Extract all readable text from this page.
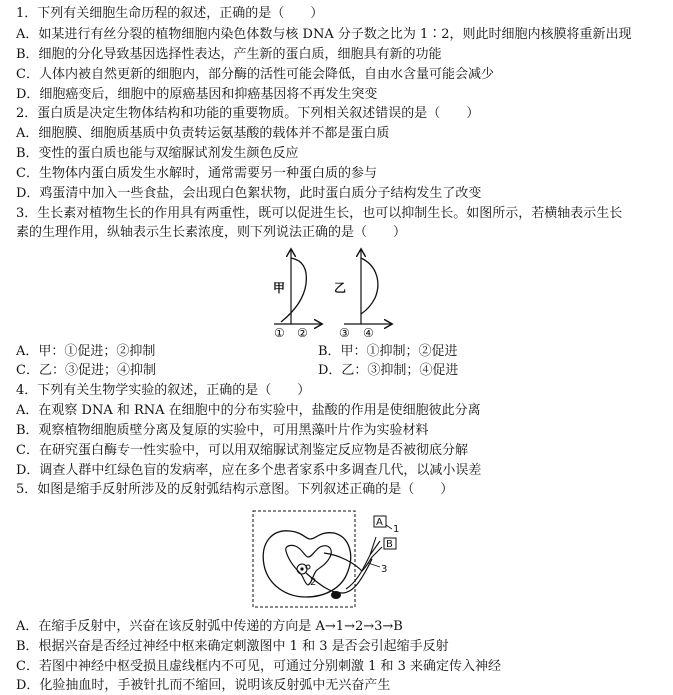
1．下列有关细胞生命历程的叙述，正确的是（　　）
A．如某进行有丝分裂的植物细胞内染色体数与核 DNA 分子数之比为 1∶2，则此时细胞内核膜将重新出现
B．细胞的分化导致基因选择性表达，产生新的蛋白质，细胞具有新的功能
C．人体内被自然更新的细胞内，部分酶的活性可能会降低，自由水含量可能会减少
D．细胞癌变后，细胞中的原癌基因和抑癌基因将不再发生突变
2．蛋白质是决定生物体结构和功能的重要物质。下列相关叙述错误的是（　　）
A．细胞膜、细胞质基质中负责转运氨基酸的载体并不都是蛋白质
B．变性的蛋白质也能与双缩脲试剂发生颜色反应
C．生物体内蛋白质发生水解时，通常需要另一种蛋白质的参与
D．鸡蛋清中加入一些食盐，会出现白色絮状物，此时蛋白质分子结构发生了改变
3．生长素对植物生长的作用具有两重性，既可以促进生长，也可以抑制生长。如图所示，若横轴表示生长
素的生理作用，纵轴表示生长素浓度，则下列说法正确的是（　　）
甲
① ②
乙
③ ④
A．甲：①促进；②抑制	B．甲：①抑制；②促进
C．乙：③促进；④抑制	D．乙：③抑制；④促进
4．下列有关生物学实验的叙述，正确的是（　　）
A．在观察 DNA 和 RNA 在细胞中的分布实验中，盐酸的作用是使细胞彼此分离
B．观察植物细胞质壁分离及复原的实验中，可用黑藻叶片作为实验材料
C．在研究蛋白酶专一性实验中，可以用双缩脲试剂鉴定反应物是否被彻底分解
D．调查人群中红绿色盲的发病率，应在多个患者家系中多调查几代，以减小误差
5．如图是缩手反射所涉及的反射弧结构示意图。下列叙述正确的是（　　）
A
B
1
3
2
A．在缩手反射中，兴奋在该反射弧中传递的方向是 A→1→2→3→B
B．根据兴奋是否经过神经中枢来确定刺激图中 1 和 3 是否会引起缩手反射
C．若图中神经中枢受损且虚线框内不可见，可通过分别刺激 1 和 3 来确定传入神经
D．化验抽血时，手被针扎而不缩回，说明该反射弧中无兴奋产生
